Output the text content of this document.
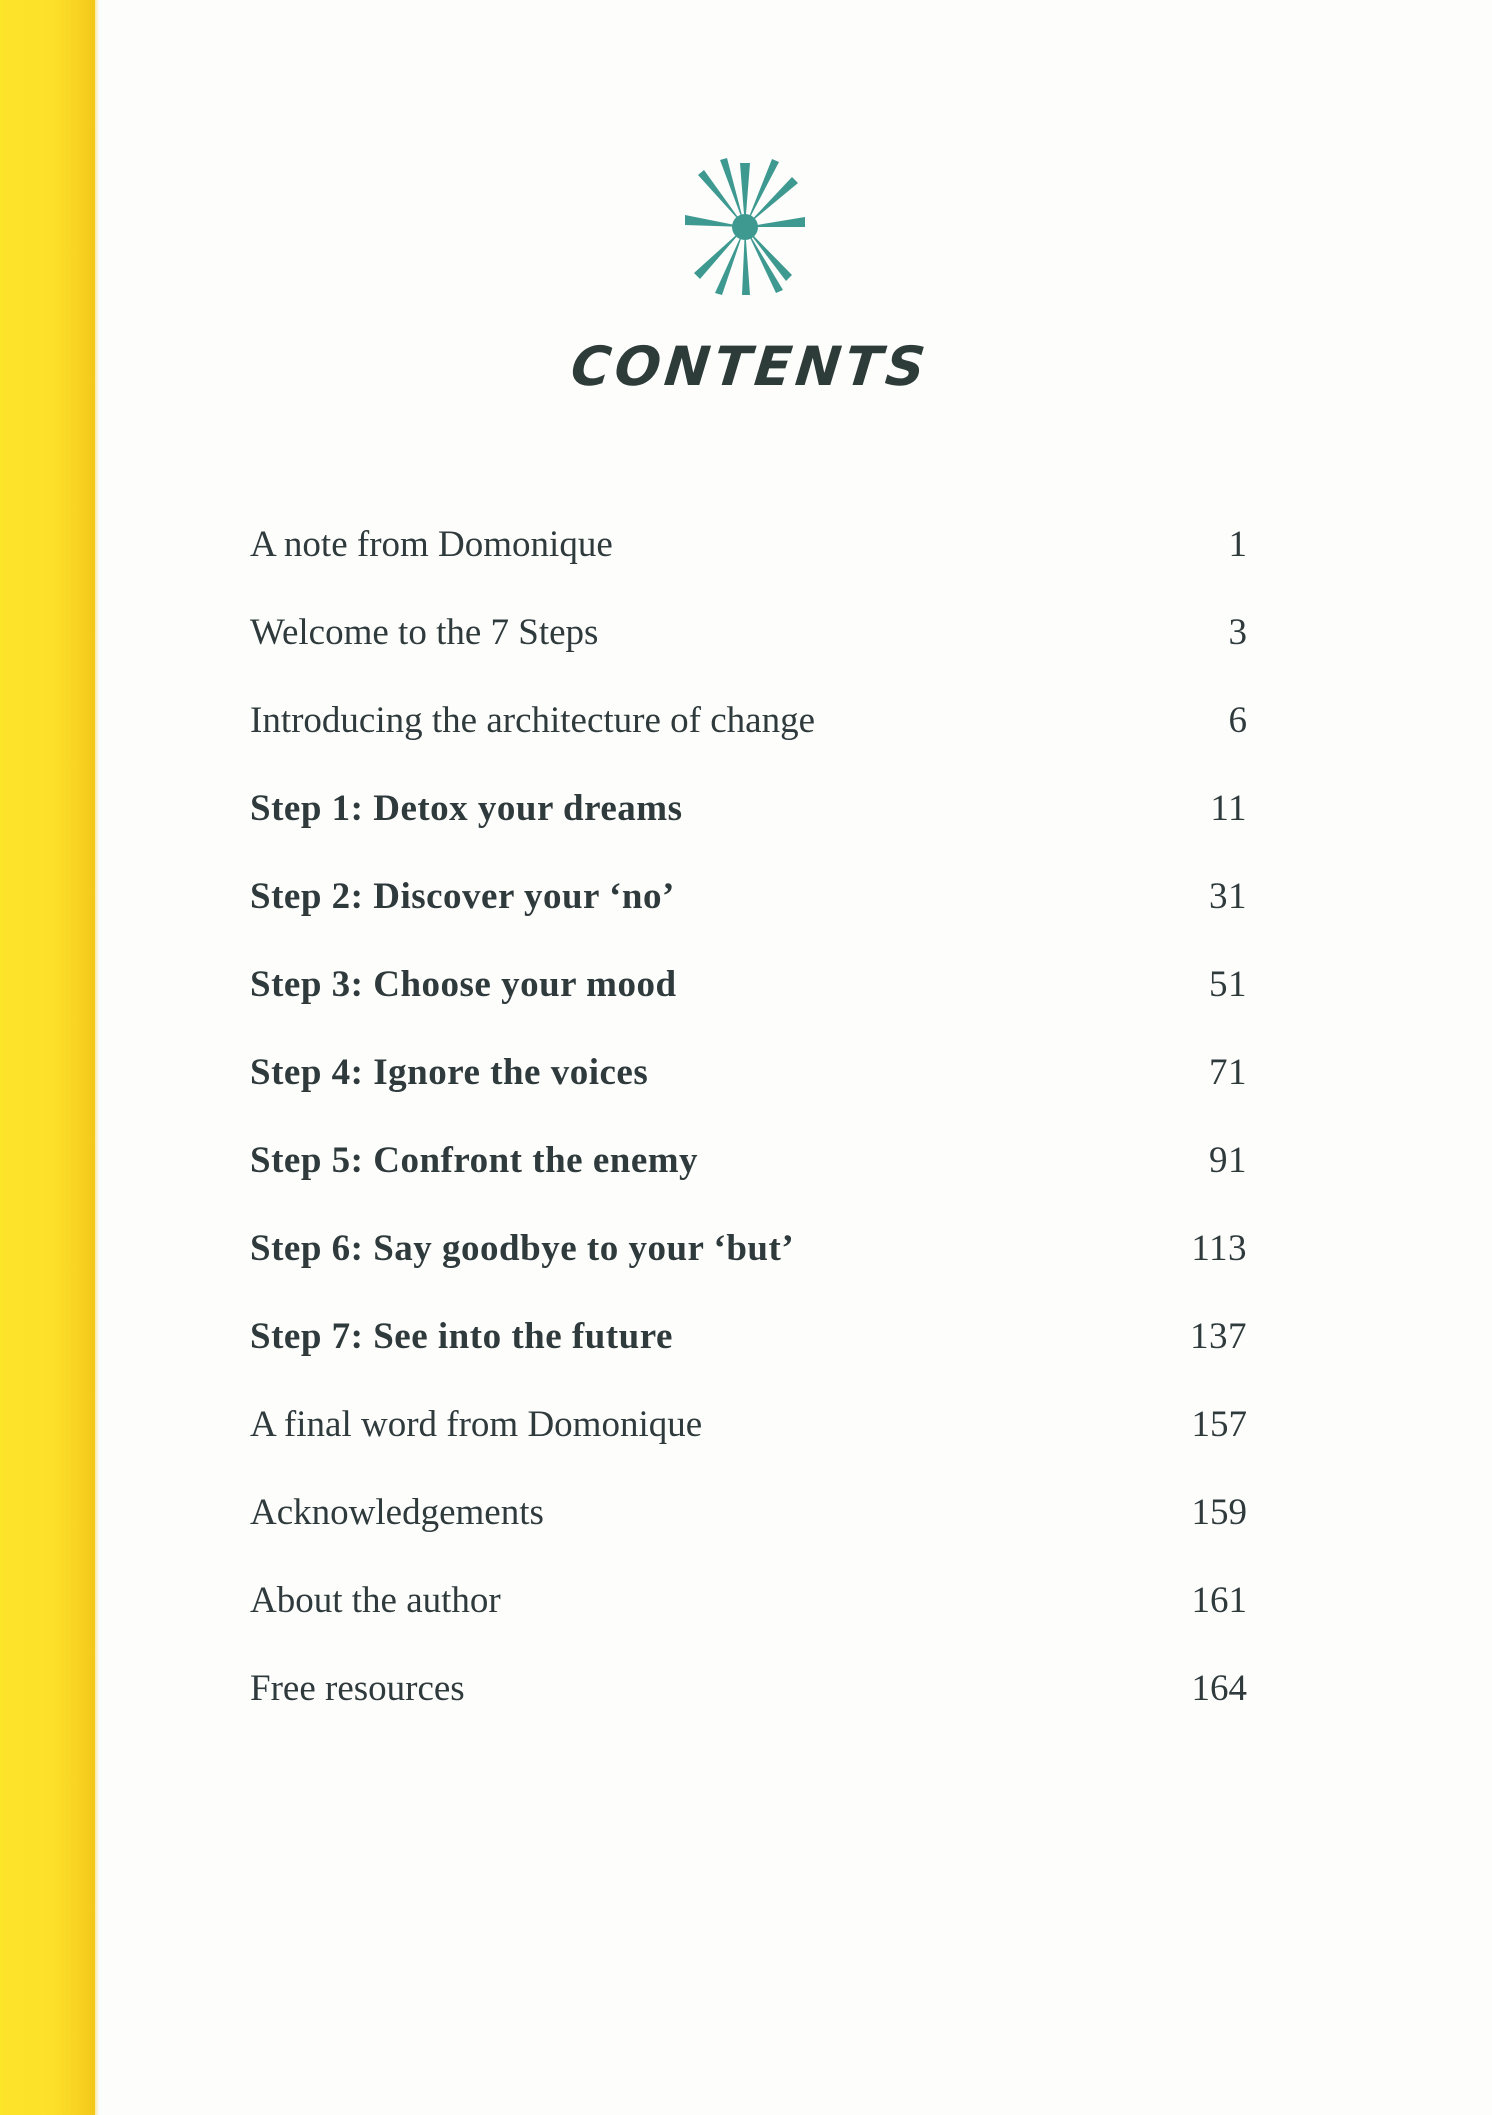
CONTENTS
A note from Domonique	1
Welcome to the 7 Steps	3
Introducing the architecture of change	6
Step 1: Detox your dreams	11
Step 2: Discover your ‘no’	31
Step 3: Choose your mood	51
Step 4: Ignore the voices	71
Step 5: Confront the enemy	91
Step 6: Say goodbye to your ‘but’	113
Step 7: See into the future	137
A final word from Domonique	157
Acknowledgements	159
About the author	161
Free resources	164
